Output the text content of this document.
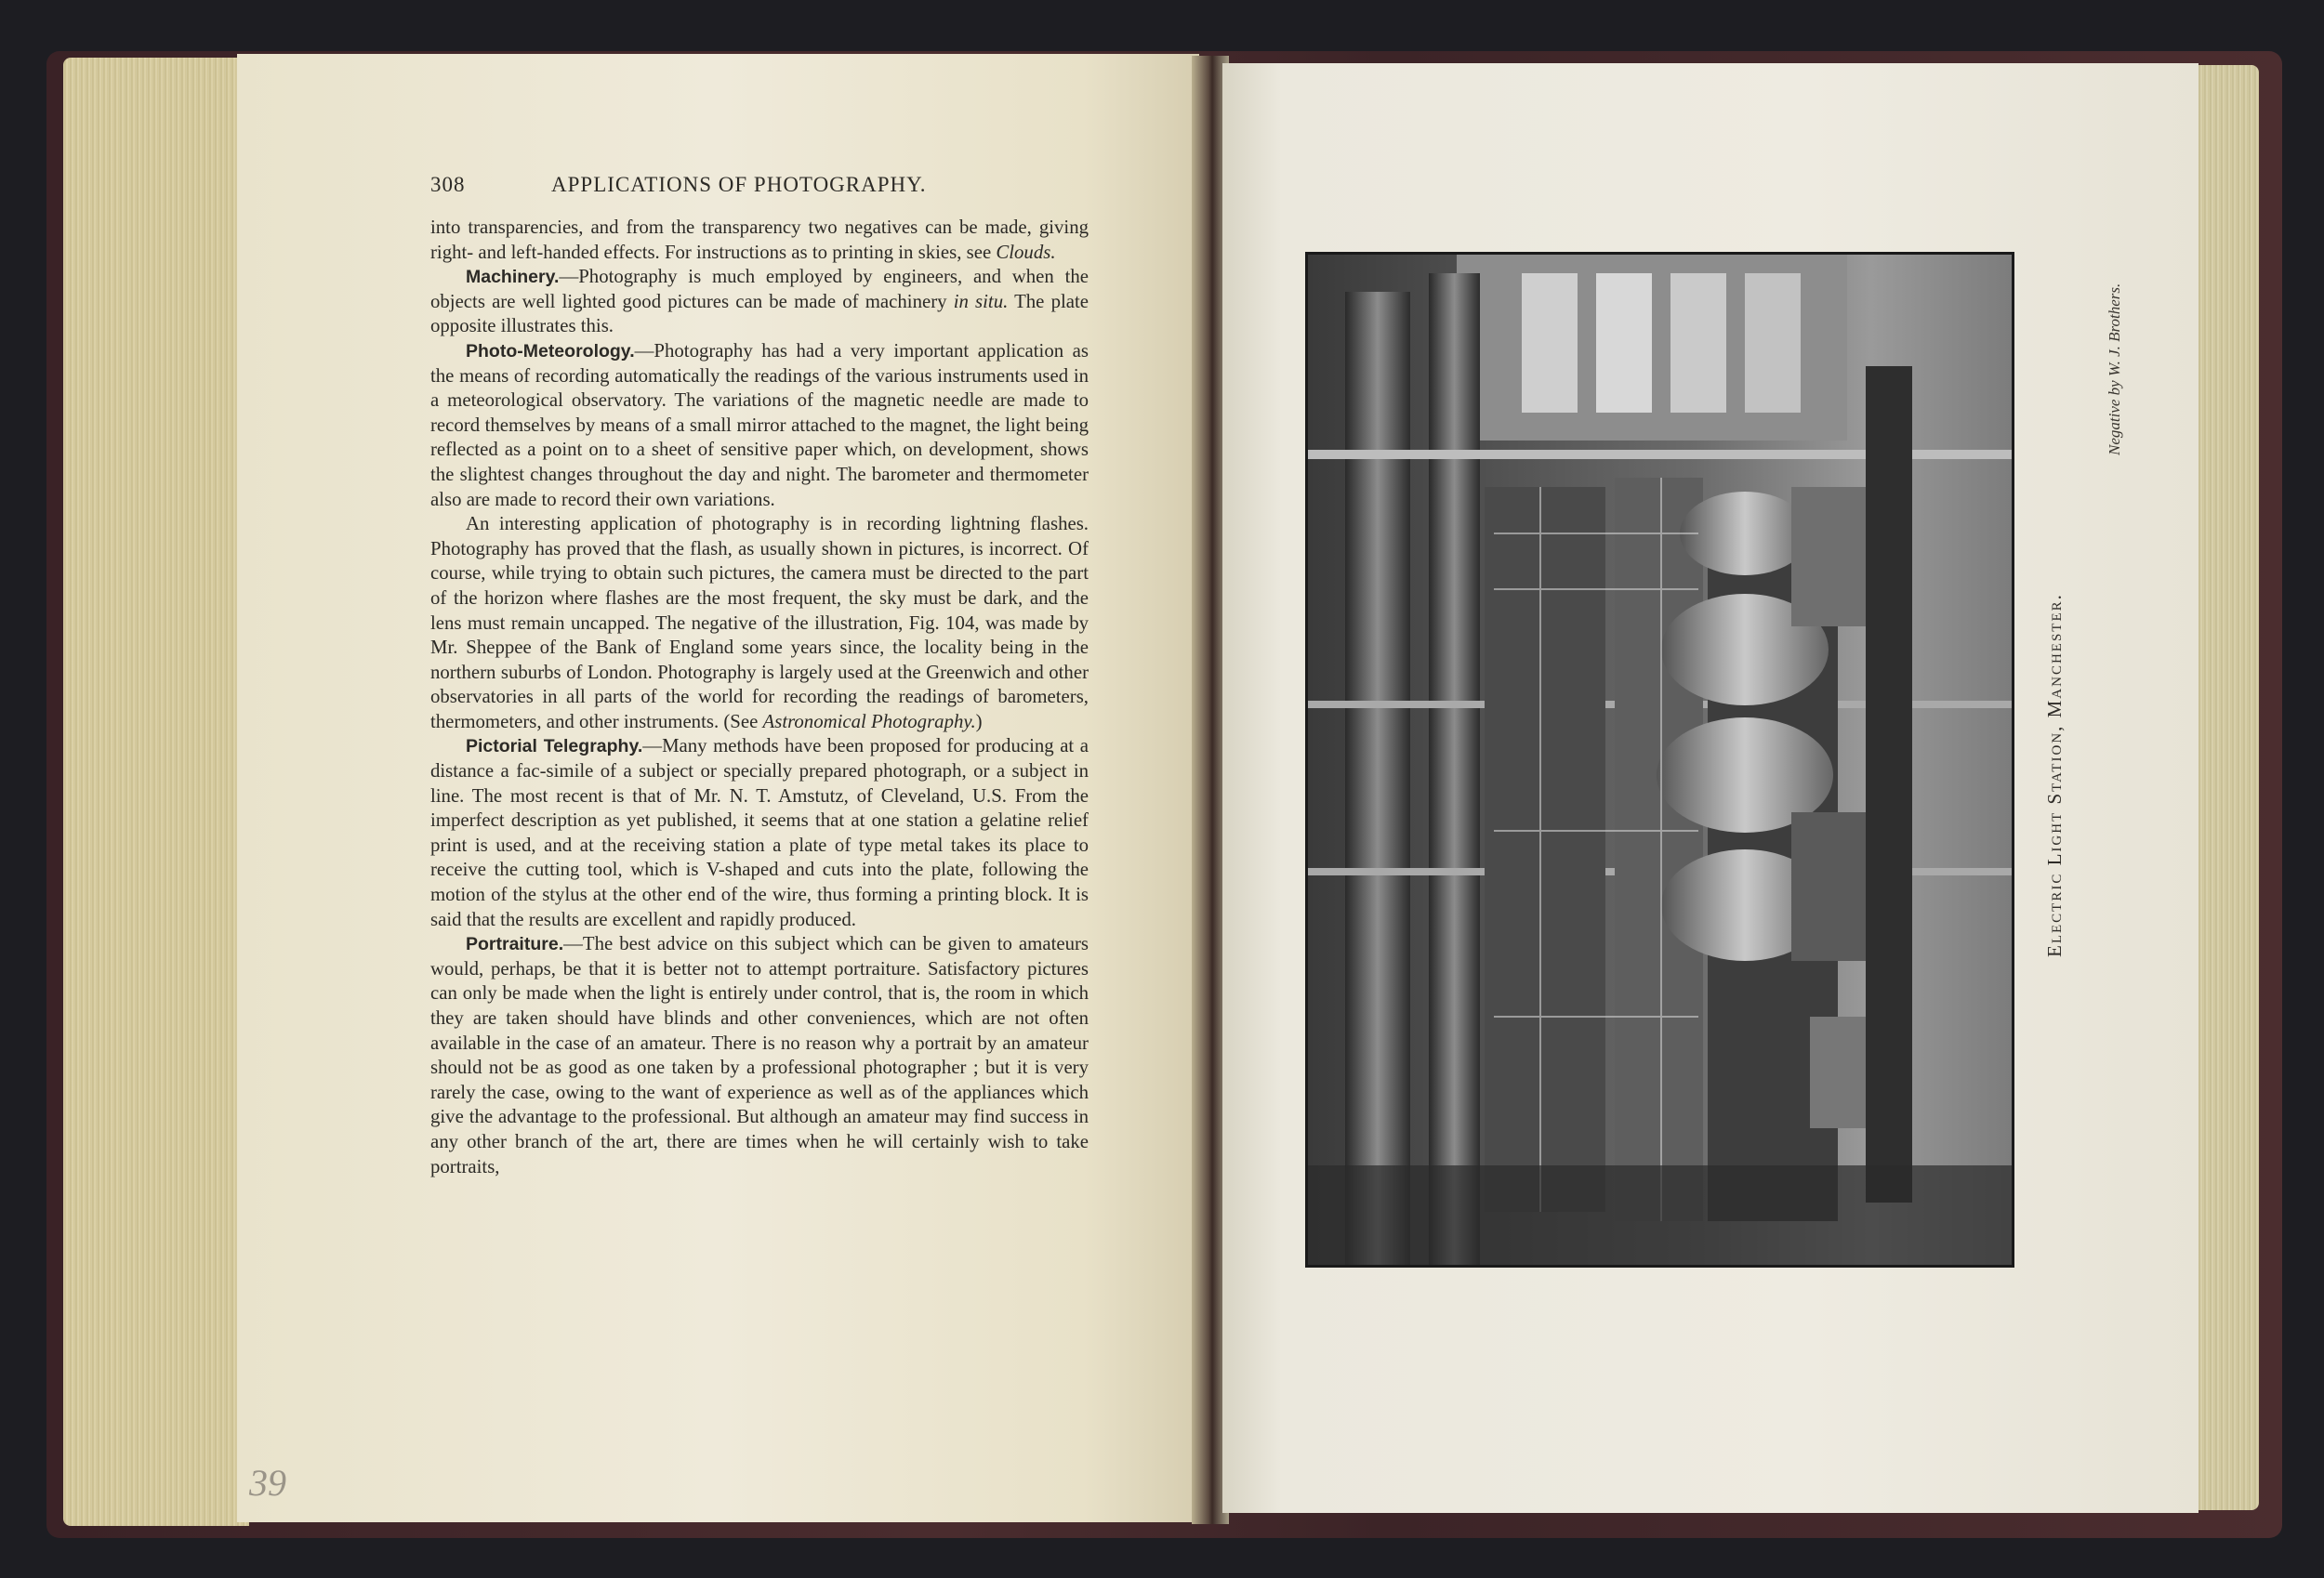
308	APPLICATIONS OF PHOTOGRAPHY.

into transparencies, and from the transparency two negatives can be made, giving right- and left-handed effects. For instructions as to printing in skies, see Clouds.

Machinery.—Photography is much employed by engineers, and when the objects are well lighted good pictures can be made of machinery in situ. The plate opposite illustrates this.

Photo-Meteorology.—Photography has had a very important application as the means of recording automatically the readings of the various instruments used in a meteorological observatory. The variations of the magnetic needle are made to record themselves by means of a small mirror attached to the magnet, the light being reflected as a point on to a sheet of sensitive paper which, on development, shows the slightest changes throughout the day and night. The barometer and thermometer also are made to record their own variations.

An interesting application of photography is in recording lightning flashes. Photography has proved that the flash, as usually shown in pictures, is incorrect. Of course, while trying to obtain such pictures, the camera must be directed to the part of the horizon where flashes are the most frequent, the sky must be dark, and the lens must remain uncapped. The negative of the illustration, Fig. 104, was made by Mr. Sheppee of the Bank of England some years since, the locality being in the northern suburbs of London. Photography is largely used at the Greenwich and other observatories in all parts of the world for recording the readings of barometers, thermometers, and other instruments. (See Astronomical Photography.)

Pictorial Telegraphy.—Many methods have been proposed for producing at a distance a fac-simile of a subject or specially prepared photograph, or a subject in line. The most recent is that of Mr. N. T. Amstutz, of Cleveland, U.S. From the imperfect description as yet published, it seems that at one station a gelatine relief print is used, and at the receiving station a plate of type metal takes its place to receive the cutting tool, which is V-shaped and cuts into the plate, following the motion of the stylus at the other end of the wire, thus forming a printing block. It is said that the results are excellent and rapidly produced.

Portraiture.—The best advice on this subject which can be given to amateurs would, perhaps, be that it is better not to attempt portraiture. Satisfactory pictures can only be made when the light is entirely under control, that is, the room in which they are taken should have blinds and other conveniences, which are not often available in the case of an amateur. There is no reason why a portrait by an amateur should not be as good as one taken by a professional photographer ; but it is very rarely the case, owing to the want of experience as well as of the appliances which give the advantage to the professional. But although an amateur may find success in any other branch of the art, there are times when he will certainly wish to take portraits,

39
Electric Light Station, Manchester.
Negative by W. J. Brothers.
